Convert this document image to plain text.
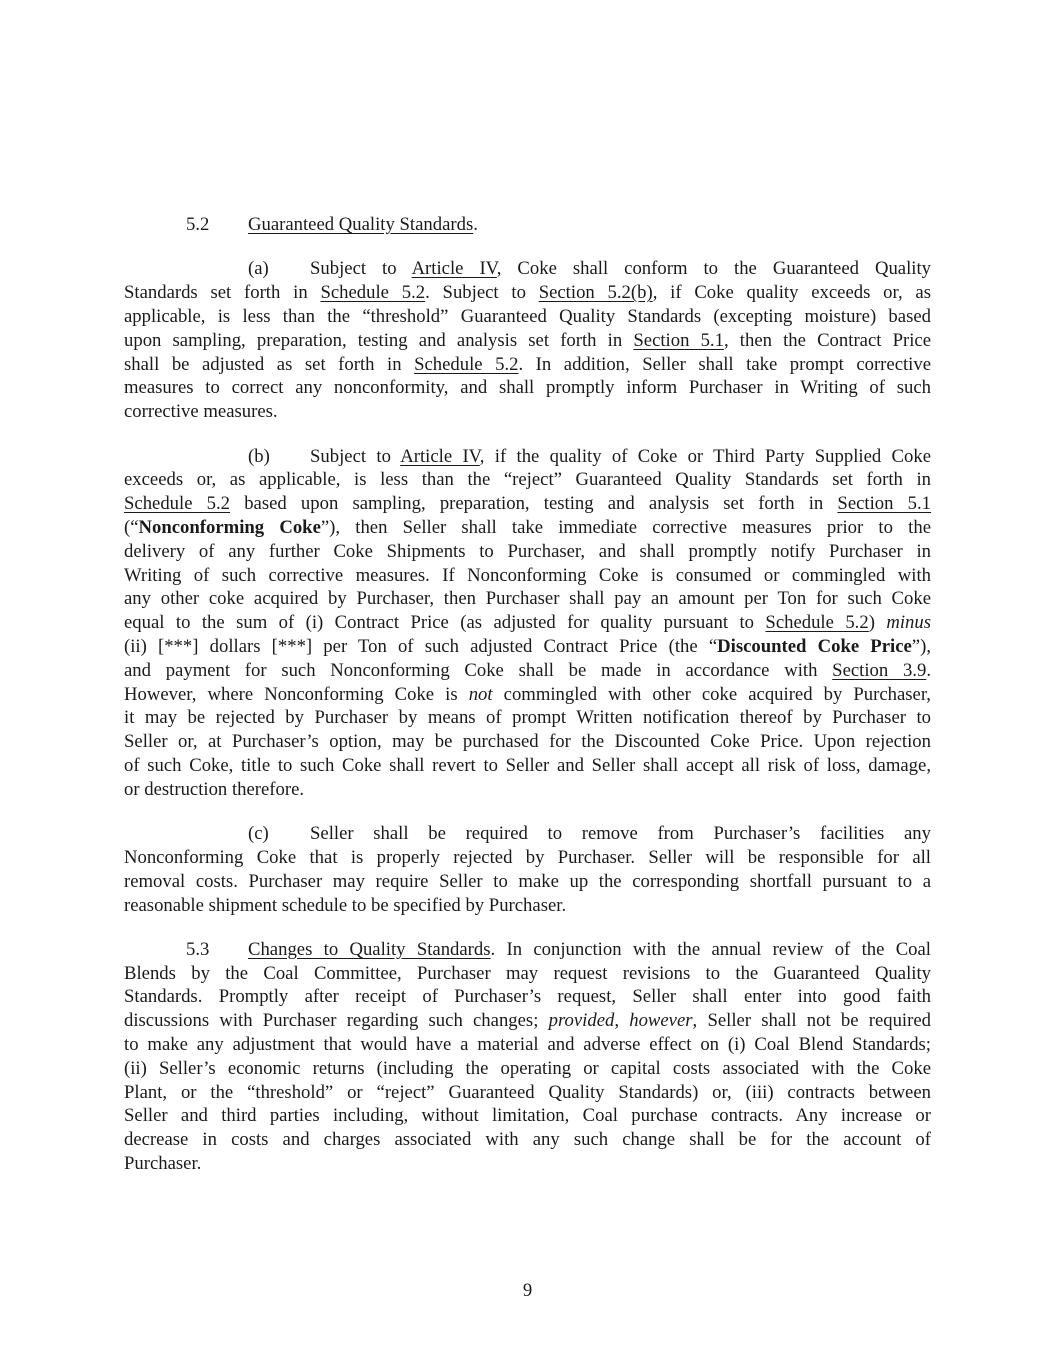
5.2 Guaranteed Quality Standards.
(a) Subject to Article IV, Coke shall conform to the Guaranteed Quality
Standards set forth in Schedule 5.2. Subject to Section 5.2(b), if Coke quality exceeds or, as
applicable, is less than the “threshold” Guaranteed Quality Standards (excepting moisture) based
upon sampling, preparation, testing and analysis set forth in Section 5.1, then the Contract Price
shall be adjusted as set forth in Schedule 5.2. In addition, Seller shall take prompt corrective
measures to correct any nonconformity, and shall promptly inform Purchaser in Writing of such
corrective measures.
(b) Subject to Article IV, if the quality of Coke or Third Party Supplied Coke
exceeds or, as applicable, is less than the “reject” Guaranteed Quality Standards set forth in
Schedule 5.2 based upon sampling, preparation, testing and analysis set forth in Section 5.1
(“Nonconforming Coke”), then Seller shall take immediate corrective measures prior to the
delivery of any further Coke Shipments to Purchaser, and shall promptly notify Purchaser in
Writing of such corrective measures. If Nonconforming Coke is consumed or commingled with
any other coke acquired by Purchaser, then Purchaser shall pay an amount per Ton for such Coke
equal to the sum of (i) Contract Price (as adjusted for quality pursuant to Schedule 5.2) minus
(ii) [***] dollars [***] per Ton of such adjusted Contract Price (the “Discounted Coke Price”),
and payment for such Nonconforming Coke shall be made in accordance with Section 3.9.
However, where Nonconforming Coke is not commingled with other coke acquired by Purchaser,
it may be rejected by Purchaser by means of prompt Written notification thereof by Purchaser to
Seller or, at Purchaser’s option, may be purchased for the Discounted Coke Price. Upon rejection
of such Coke, title to such Coke shall revert to Seller and Seller shall accept all risk of loss, damage,
or destruction therefore.
(c) Seller shall be required to remove from Purchaser’s facilities any
Nonconforming Coke that is properly rejected by Purchaser. Seller will be responsible for all
removal costs. Purchaser may require Seller to make up the corresponding shortfall pursuant to a
reasonable shipment schedule to be specified by Purchaser.
5.3 Changes to Quality Standards. In conjunction with the annual review of the Coal
Blends by the Coal Committee, Purchaser may request revisions to the Guaranteed Quality
Standards. Promptly after receipt of Purchaser’s request, Seller shall enter into good faith
discussions with Purchaser regarding such changes; provided, however, Seller shall not be required
to make any adjustment that would have a material and adverse effect on (i) Coal Blend Standards;
(ii) Seller’s economic returns (including the operating or capital costs associated with the Coke
Plant, or the “threshold” or “reject” Guaranteed Quality Standards) or, (iii) contracts between
Seller and third parties including, without limitation, Coal purchase contracts. Any increase or
decrease in costs and charges associated with any such change shall be for the account of
Purchaser.
9
